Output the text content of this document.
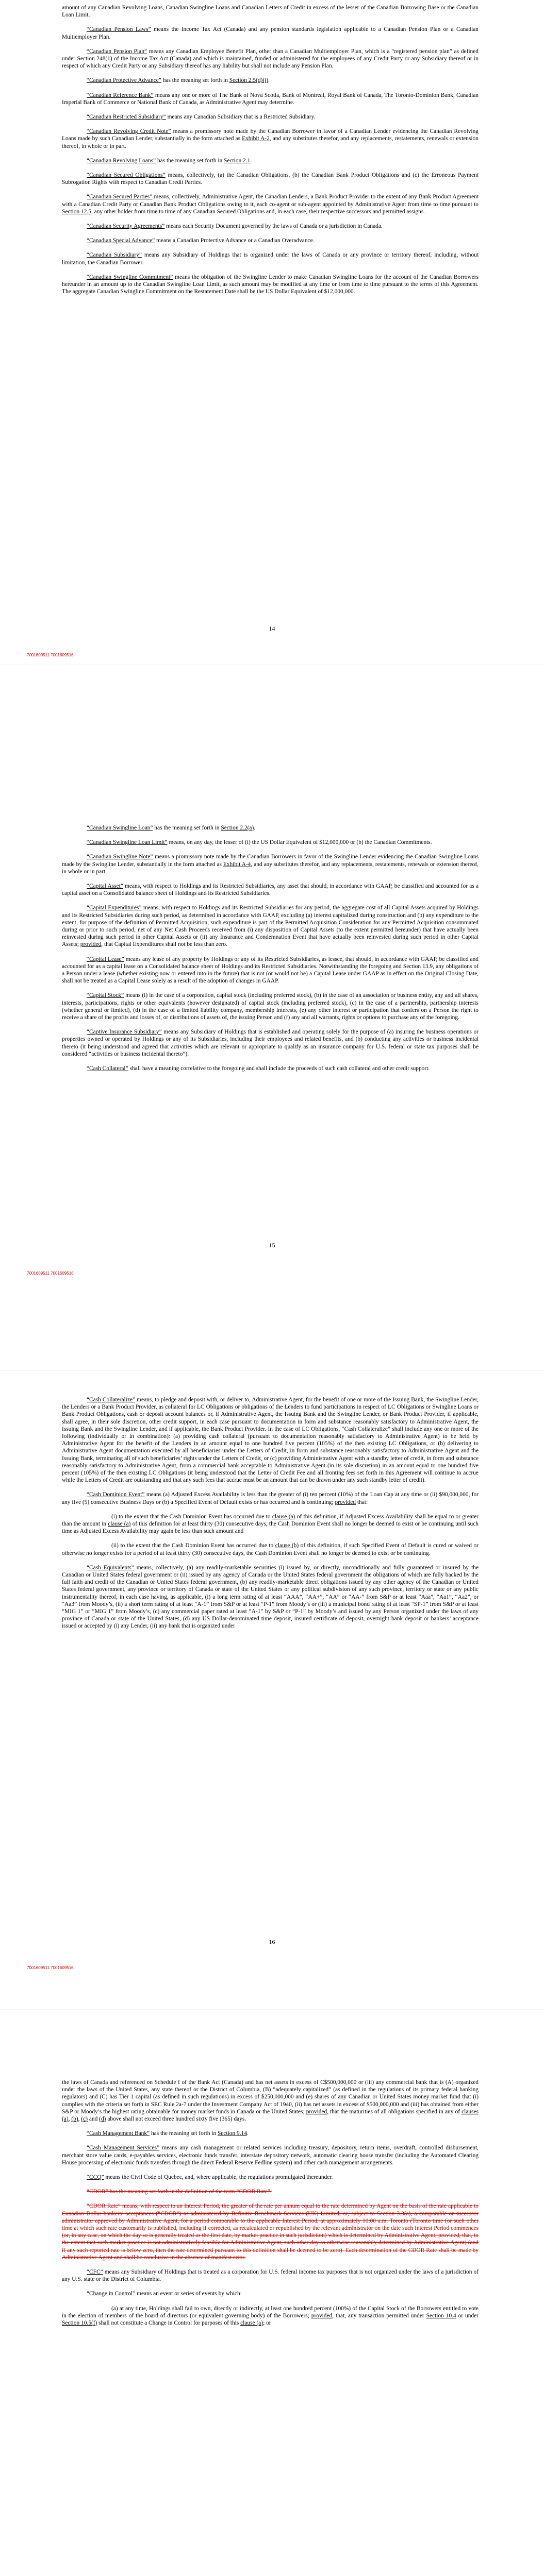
amount of any Canadian Revolving Loans, Canadian Swingline Loans and Canadian Letters of Credit in excess of the lesser of the Canadian Borrowing Base or the Canadian Loan Limit.

“Canadian Pension Laws” means the Income Tax Act (Canada) and any pension standards legislation applicable to a Canadian Pension Plan or a Canadian Multiemployer Plan.

“Canadian Pension Plan” means any Canadian Employee Benefit Plan, other than a Canadian Multiemployer Plan, which is a “registered pension plan” as defined under Section 248(1) of the Income Tax Act (Canada) and which is maintained, funded or administered for the employees of any Credit Party or any Subsidiary thereof or in respect of which any Credit Party or any Subsidiary thereof has any liability but shall not include any Pension Plan.

“Canadian Protective Advance” has the meaning set forth in Section 2.5(d)(i).

“Canadian Reference Bank” means any one or more of The Bank of Nova Scotia, Bank of Montreal, Royal Bank of Canada, The Toronto-Dominion Bank, Canadian Imperial Bank of Commerce or National Bank of Canada, as Administrative Agent may determine.

“Canadian Restricted Subsidiary” means any Canadian Subsidiary that is a Restricted Subsidiary.

“Canadian Revolving Credit Note” means a promissory note made by the Canadian Borrower in favor of a Canadian Lender evidencing the Canadian Revolving Loans made by such Canadian Lender, substantially in the form attached as Exhibit A-2, and any substitutes therefor, and any replacements, restatements, renewals or extension thereof, in whole or in part.

“Canadian Revolving Loans” has the meaning set forth in Section 2.1.

“Canadian Secured Obligations” means, collectively, (a) the Canadian Obligations, (b) the Canadian Bank Product Obligations and (c) the Erroneous Payment Subrogation Rights with respect to Canadian Credit Parties.

“Canadian Secured Parties” means, collectively, Administrative Agent, the Canadian Lenders, a Bank Product Provider to the extent of any Bank Product Agreement with a Canadian Credit Party or Canadian Bank Product Obligations owing to it, each co-agent or sub-agent appointed by Administrative Agent from time to time pursuant to Section 12.5, any other holder from time to time of any Canadian Secured Obligations and, in each case, their respective successors and permitted assigns.

“Canadian Security Agreements” means each Security Document governed by the laws of Canada or a jurisdiction in Canada.

“Canadian Special Advance” means a Canadian Protective Advance or a Canadian Overadvance.

“Canadian Subsidiary” means any Subsidiary of Holdings that is organized under the laws of Canada or any province or territory thereof, including, without limitation, the Canadian Borrower.

“Canadian Swingline Commitment” means the obligation of the Swingline Lender to make Canadian Swingline Loans for the account of the Canadian Borrowers hereunder in an amount up to the Canadian Swingline Loan Limit, as such amount may be modified at any time or from time to time pursuant to the terms of this Agreement. The aggregate Canadian Swingline Commitment on the Restatement Date shall be the US Dollar Equivalent of $12,000,000.

14
7001609511 7001609516

“Canadian Swingline Loan” has the meaning set forth in Section 2.2(a).

“Canadian Swingline Loan Limit” means, on any day, the lesser of (i) the US Dollar Equivalent of $12,000,000 or (b) the Canadian Commitments.

“Canadian Swingline Note” means a promissory note made by the Canadian Borrowers in favor of the Swingline Lender evidencing the Canadian Swingline Loans made by the Swingline Lender, substantially in the form attached as Exhibit A-4, and any substitutes therefor, and any replacements, restatements, renewals or extension thereof, in whole or in part.

“Capital Asset” means, with respect to Holdings and its Restricted Subsidiaries, any asset that should, in accordance with GAAP, be classified and accounted for as a capital asset on a Consolidated balance sheet of Holdings and its Restricted Subsidiaries.

“Capital Expenditures” means, with respect to Holdings and its Restricted Subsidiaries for any period, the aggregate cost of all Capital Assets acquired by Holdings and its Restricted Subsidiaries during such period, as determined in accordance with GAAP, excluding (a) interest capitalized during construction and (b) any expenditure to the extent, for purpose of the definition of Permitted Acquisition, such expenditure is part of the Permitted Acquisition Consideration for any Permitted Acquisition consummated during or prior to such period, net of any Net Cash Proceeds received from (i) any disposition of Capital Assets (to the extent permitted hereunder) that have actually been reinvested during such period in other Capital Assets or (ii) any Insurance and Condemnation Event that have actually been reinvested during such period in other Capital Assets; provided, that Capital Expenditures shall not be less than zero.

“Capital Lease” means any lease of any property by Holdings or any of its Restricted Subsidiaries, as lessee, that should, in accordance with GAAP, be classified and accounted for as a capital lease on a Consolidated balance sheet of Holdings and its Restricted Subsidiaries. Notwithstanding the foregoing and Section 13.9, any obligations of a Person under a lease (whether existing now or entered into in the future) that is not (or would not be) a Capital Lease under GAAP as in effect on the Original Closing Date, shall not be treated as a Capital Lease solely as a result of the adoption of changes in GAAP.

“Capital Stock” means (i) in the case of a corporation, capital stock (including preferred stock), (b) in the case of an association or business entity, any and all shares, interests, participations, rights or other equivalents (however designated) of capital stock (including preferred stock), (c) in the case of a partnership, partnership interests (whether general or limited), (d) in the case of a limited liability company, membership interests, (e) any other interest or participation that confers on a Person the right to receive a share of the profits and losses of, or distributions of assets of, the issuing Person and (f) any and all warrants, rights or options to purchase any of the foregoing.

“Captive Insurance Subsidiary” means any Subsidiary of Holdings that is established and operating solely for the purpose of (a) insuring the business operations or properties owned or operated by Holdings or any of its Subsidiaries, including their employees and related benefits, and (b) conducting any activities or business incidental thereto (it being understood and agreed that activities which are relevant or appropriate to qualify as an insurance company for U.S. federal or state tax purposes shall be considered “activities or business incidental thereto”).

“Cash Collateral” shall have a meaning correlative to the foregoing and shall include the proceeds of such cash collateral and other credit support.

15
7001609511 7001609516

“Cash Collateralize” means, to pledge and deposit with, or deliver to, Administrative Agent, for the benefit of one or more of the Issuing Bank, the Swingline Lender, the Lenders or a Bank Product Provider, as collateral for LC Obligations or obligations of the Lenders to fund participations in respect of LC Obligations or Swingline Loans or Bank Product Obligations, cash or deposit account balances or, if Administrative Agent, the Issuing Bank and the Swingline Lender, or Bank Product Provider, if applicable, shall agree, in their sole discretion, other credit support, in each case pursuant to documentation in form and substance reasonably satisfactory to Administrative Agent, the Issuing Bank and the Swingline Lender, and if applicable, the Bank Product Provider. In the case of LC Obligations, “Cash Collateralize” shall include any one or more of the following (individually or in combination): (a) providing cash collateral (pursuant to documentation reasonably satisfactory to Administrative Agent) to be held by Administrative Agent for the benefit of the Lenders in an amount equal to one hundred five percent (105%) of the then existing LC Obligations, or (b) delivering to Administrative Agent documentation executed by all beneficiaries under the Letters of Credit, in form and substance reasonably satisfactory to Administrative Agent and the Issuing Bank, terminating all of such beneficiaries’ rights under the Letters of Credit, or (c) providing Administrative Agent with a standby letter of credit, in form and substance reasonably satisfactory to Administrative Agent, from a commercial bank acceptable to Administrative Agent (in its sole discretion) in an amount equal to one hundred five percent (105%) of the then existing LC Obligations (it being understood that the Letter of Credit Fee and all fronting fees set forth in this Agreement will continue to accrue while the Letters of Credit are outstanding and that any such fees that accrue must be an amount that can be drawn under any such standby letter of credit).

“Cash Dominion Event” means (a) Adjusted Excess Availability is less than the greater of (i) ten percent (10%) of the Loan Cap at any time or (ii) $90,000,000, for any five (5) consecutive Business Days or (b) a Specified Event of Default exists or has occurred and is continuing; provided that:

(i) to the extent that the Cash Dominion Event has occurred due to clause (a) of this definition, if Adjusted Excess Availability shall be equal to or greater than the amount in clause (a) of this definition for at least thirty (30) consecutive days, the Cash Dominion Event shall no longer be deemed to exist or be continuing until such time as Adjusted Excess Availability may again be less than such amount and

(ii) to the extent that the Cash Dominion Event has occurred due to clause (b) of this definition, if such Specified Event of Default is cured or waived or otherwise no longer exists for a period of at least thirty (30) consecutive days, the Cash Dominion Event shall no longer be deemed to exist or be continuing.

“Cash Equivalents” means, collectively, (a) any readily-marketable securities (i) issued by, or directly, unconditionally and fully guaranteed or insured by the Canadian or United States federal government or (ii) issued by any agency of Canada or the United States federal government the obligations of which are fully backed by the full faith and credit of the Canadian or United States federal government, (b) any readily-marketable direct obligations issued by any other agency of the Canadian or United States federal government, any province or territory of Canada or state of the United States or any political subdivision of any such province, territory or state or any public instrumentality thereof, in each case having, as applicable, (i) a long term rating of at least “AAA”, “AA+”, “AA” or “AA-” from S&P or at least “Aaa”, “Aa1”, “Aa2”, or “Aa3” from Moody’s, (ii) a short term rating of at least “A-1” from S&P or at least “P-1” from Moody’s or (iii) a municipal bond rating of at least “SP-1” from S&P or at least “MIG 1” or “MIG 1” from Moody’s, (c) any commercial paper rated at least “A-1” by S&P or “P-1” by Moody’s and issued by any Person organized under the laws of any province of Canada or state of the United States, (d) any US Dollar-denominated time deposit, insured certificate of deposit, overnight bank deposit or bankers’ acceptance issued or accepted by (i) any Lender, (ii) any bank that is organized under

16
7001609511 7001609516

the laws of Canada and referenced on Schedule I of the Bank Act (Canada) and has net assets in excess of C$500,000,000 or (iii) any commercial bank that is (A) organized under the laws of the United States, any state thereof or the District of Columbia, (B) “adequately capitalized” (as defined in the regulations of its primary federal banking regulators) and (C) has Tier 1 capital (as defined in such regulations) in excess of $250,000,000 and (e) shares of any Canadian or United States money market fund that (i) complies with the criteria set forth in SEC Rule 2a-7 under the Investment Company Act of 1940, (ii) has net assets in excess of $500,000,000 and (iii) has obtained from either S&P or Moody’s the highest rating obtainable for money market funds in Canada or the United States; provided, that the maturities of all obligations specified in any of clauses (a), (b), (c) and (d) above shall not exceed three hundred sixty five (365) days.

“Cash Management Bank” has the meaning set forth in Section 9.14.

“Cash Management Services” means any cash management or related services including treasury, depository, return items, overdraft, controlled disbursement, merchant store value cards, e-payables services, electronic funds transfer, interstate depository network, automatic clearing house transfer (including the Automated Clearing House processing of electronic funds transfers through the direct Federal Reserve Fedline system) and other cash management arrangements.

“CCQ” means the Civil Code of Quebec, and, where applicable, the regulations promulgated thereunder.

“CDOR” has the meaning set forth in the definition of the term “CDOR Rate”.

“CDOR Rate” means, with respect to an Interest Period, the greater of the rate per annum equal to the rate determined by Agent on the basis of the rate applicable to Canadian Dollar bankers’ acceptances (“CDOR”) as administered by Refinitiv Benchmark Services (UK) Limited, or, subject to Section 3.3(a), a comparable or successor administrator approved by Administrative Agent, for a period comparable to the applicable Interest Period, at approximately 10:00 a.m. Toronto (Toronto time (or such other time at which such rate customarily is published, including if corrected, as recalculated or republished by the relevant administrator on the date such Interest Period commences (or, in any case, on which the day so is generally treated as the first date, by market practice in such jurisdiction) which is determined by Administrative Agent; provided, that, to the extent that such market practice is not administratively feasible for Administrative Agent, such other day as otherwise reasonably determined by Administrative Agent) (and if any such reported rate is below zero, then the rate determined pursuant to this definition shall be deemed to be zero). Each determination of the CDOR Rate shall be made by Administrative Agent and shall be conclusive in the absence of manifest error.

“CFC” means any Subsidiary of Holdings that is treated as a corporation for U.S. federal income tax purposes that is not organized under the laws of a jurisdiction of any U.S. state or the District of Columbia.

“Change in Control” means an event or series of events by which:

(a) at any time, Holdings shall fail to own, directly or indirectly, at least one hundred percent (100%) of the Capital Stock of the Borrowers entitled to vote in the election of members of the board of directors (or equivalent governing body) of the Borrowers; provided, that, any transaction permitted under Section 10.4 or under Section 10.5(f) shall not constitute a Change in Control for purposes of this clause (a); or
